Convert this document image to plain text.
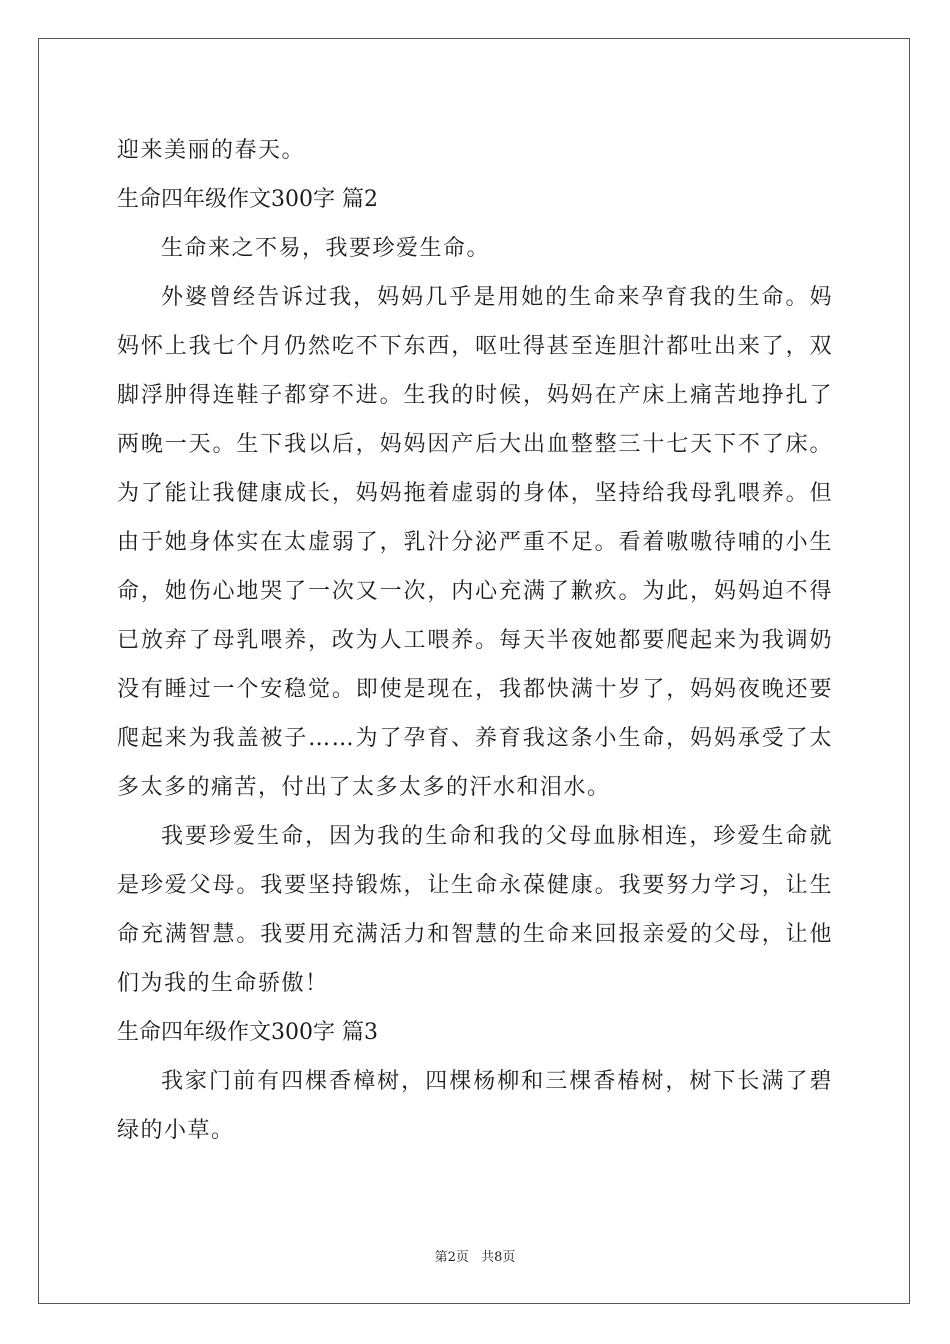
迎来美丽的春天。

生命四年级作文300字 篇2

生命来之不易，我要珍爱生命。

外婆曾经告诉过我，妈妈几乎是用她的生命来孕育我的生命。妈妈怀上我七个月仍然吃不下东西，呕吐得甚至连胆汁都吐出来了，双脚浮肿得连鞋子都穿不进。生我的时候，妈妈在产床上痛苦地挣扎了两晚一天。生下我以后，妈妈因产后大出血整整三十七天下不了床。为了能让我健康成长，妈妈拖着虚弱的身体，坚持给我母乳喂养。但由于她身体实在太虚弱了，乳汁分泌严重不足。看着嗷嗷待哺的小生命，她伤心地哭了一次又一次，内心充满了歉疚。为此，妈妈迫不得已放弃了母乳喂养，改为人工喂养。每天半夜她都要爬起来为我调奶没有睡过一个安稳觉。即使是现在，我都快满十岁了，妈妈夜晚还要爬起来为我盖被子……为了孕育、养育我这条小生命，妈妈承受了太多太多的痛苦，付出了太多太多的汗水和泪水。

我要珍爱生命，因为我的生命和我的父母血脉相连，珍爱生命就是珍爱父母。我要坚持锻炼，让生命永葆健康。我要努力学习，让生命充满智慧。我要用充满活力和智慧的生命来回报亲爱的父母，让他们为我的生命骄傲！

生命四年级作文300字 篇3

我家门前有四棵香樟树，四棵杨柳和三棵香椿树，树下长满了碧绿的小草。

第2页 共8页
